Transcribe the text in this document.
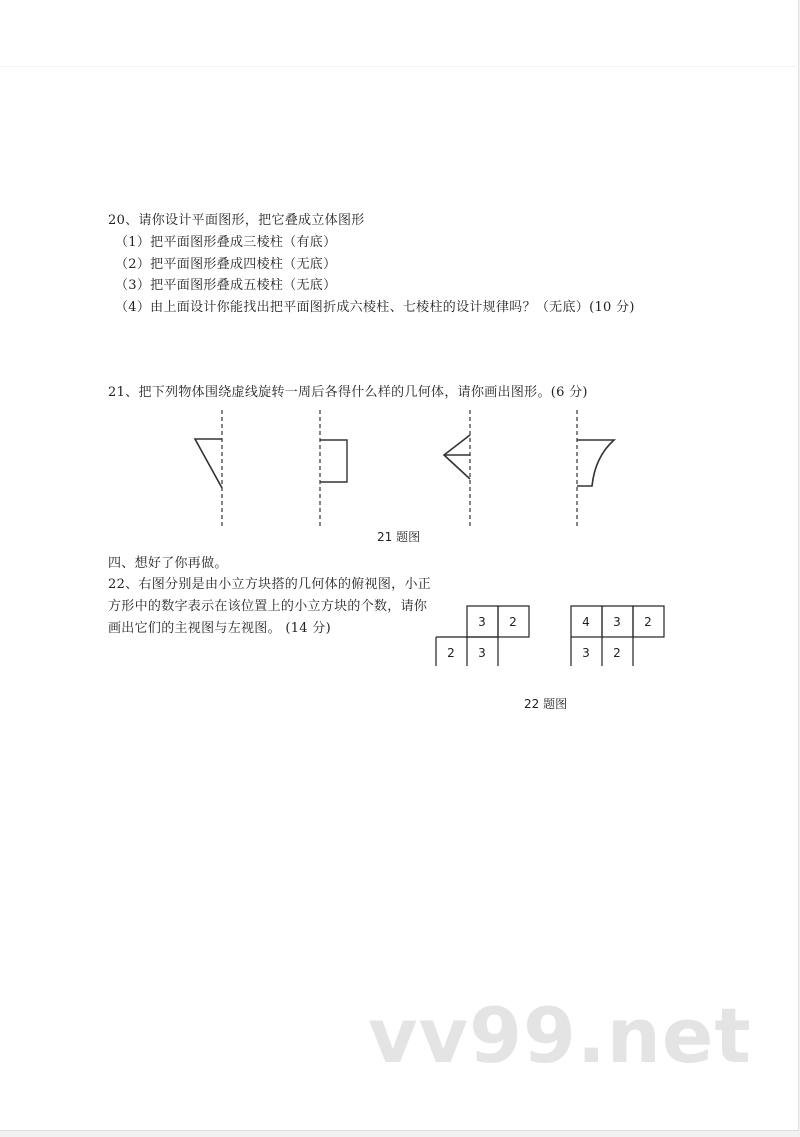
20、请你设计平面图形，把它叠成立体图形
（1）把平面图形叠成三棱柱（有底）
（2）把平面图形叠成四棱柱（无底）
（3）把平面图形叠成五棱柱（无底）
（4）由上面设计你能找出把平面图折成六棱柱、七棱柱的设计规律吗？（无底）(10 分)
21、把下列物体围绕虚线旋转一周后各得什么样的几何体，请你画出图形。(6 分)
21 题图
四、想好了你再做。
22、右图分别是由小立方块搭的几何体的俯视图，小正
方形中的数字表示在该位置上的小立方块的个数，请你
画出它们的主视图与左视图。 (14 分)	3 2
2 3
4 3 2
3 2
22 题图
vv99.net
